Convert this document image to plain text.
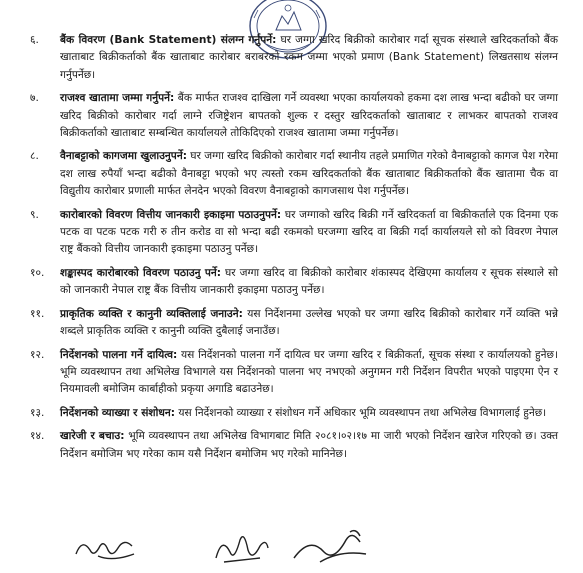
६.	बैंक विवरण (Bank Statement) संलग्न गर्नुपर्ने: घर जग्गा खरिद बिक्रीको कारोबार गर्दा सूचक संस्थाले खरिदकर्ताको बैंक खाताबाट बिक्रीकर्ताको बैंक खाताबाट कारोबार बराबरको रकम जम्मा भएको प्रमाण (Bank Statement) लिखतसाथ संलग्न गर्नुपर्नेछ।
७.	राजश्व खातामा जम्मा गर्नुपर्ने: बैंक मार्फत राजश्व दाखिला गर्ने व्यवस्था भएका कार्यालयको हकमा दश लाख भन्दा बढीको घर जग्गा खरिद बिक्रीको कारोबार गर्दा लाग्ने रजिष्ट्रेशन बापतको शुल्क र दस्तुर खरिदकर्ताको खाताबाट र लाभकर बापतको राजश्व बिक्रीकर्ताको खाताबाट सम्बन्धित कार्यालयले तोकिदिएको राजश्व खातामा जम्मा गर्नुपर्नेछ।
८.	वैनाबट्टाको कागजमा खुलाउनुपर्ने: घर जग्गा खरिद बिक्रीको कारोबार गर्दा स्थानीय तहले प्रमाणित गरेको वैनाबट्टाको कागज पेश गरेमा दश लाख रुपैयाँ भन्दा बढीको वैनाबट्टा भएको भए त्यस्तो रकम खरिदकर्ताको बैंक खाताबाट बिक्रीकर्ताको बैंक खातामा चैक वा विद्युतीय कारोबार प्रणाली मार्फत लेनदेन भएको विवरण वैनाबट्टाको कागजसाथ पेश गर्नुपर्नेछ।
९.	कारोबारको विवरण वित्तीय जानकारी इकाइमा पठाउनुपर्ने: घर जग्गाको खरिद बिक्री गर्ने खरिदकर्ता वा बिक्रीकर्ताले एक दिनमा एक पटक वा पटक पटक गरी रु तीन करोड वा सो भन्दा बढी रकमको घरजग्गा खरिद वा बिक्री गर्दा कार्यालयले सो को विवरण नेपाल राष्ट्र बैंकको वित्तीय जानकारी इकाइमा पठाउनु पर्नेछ।
१०.	शङ्कास्पद कारोबारको विवरण पठाउनु पर्ने: घर जग्गा खरिद वा बिक्रीको कारोबार शंकास्पद देखिएमा कार्यालय र सूचक संस्थाले सो को जानकारी नेपाल राष्ट्र बैंक वित्तीय जानकारी इकाइमा पठाउनु पर्नेछ।
११.	प्राकृतिक व्यक्ति र कानुनी व्यक्तिलाई जनाउने: यस निर्देशनमा उल्लेख भएको घर जग्गा खरिद बिक्रीको कारोबार गर्ने व्यक्ति भन्ने शब्दले प्राकृतिक व्यक्ति र कानुनी व्यक्ति दुबैलाई जनाउँछ।
१२.	निर्देशनको पालना गर्ने दायित्व: यस निर्देशनको पालना गर्ने दायित्व घर जग्गा खरिद र बिक्रीकर्ता, सूचक संस्था र कार्यालयको हुनेछ। भूमि व्यवस्थापन तथा अभिलेख विभागले यस निर्देशनको पालना भए नभएको अनुगमन गरी निर्देशन विपरीत भएको पाइएमा ऐन र नियमावली बमोजिम कार्बाहीको प्रकृया अगाडि बढाउनेछ।
१३.	निर्देशनको व्याख्या र संशोधन: यस निर्देशनको व्याख्या र संशोधन गर्ने अधिकार भूमि व्यवस्थापन तथा अभिलेख विभागलाई हुनेछ।
१४.	खारेजी र बचाउ: भूमि व्यवस्थापन तथा अभिलेख विभागबाट मिति २०८१।०२।१७ मा जारी भएको निर्देशन खारेज गरिएको छ। उक्त निर्देशन बमोजिम भए गरेका काम यसै निर्देशन बमोजिम भए गरेको मानिनेछ।
